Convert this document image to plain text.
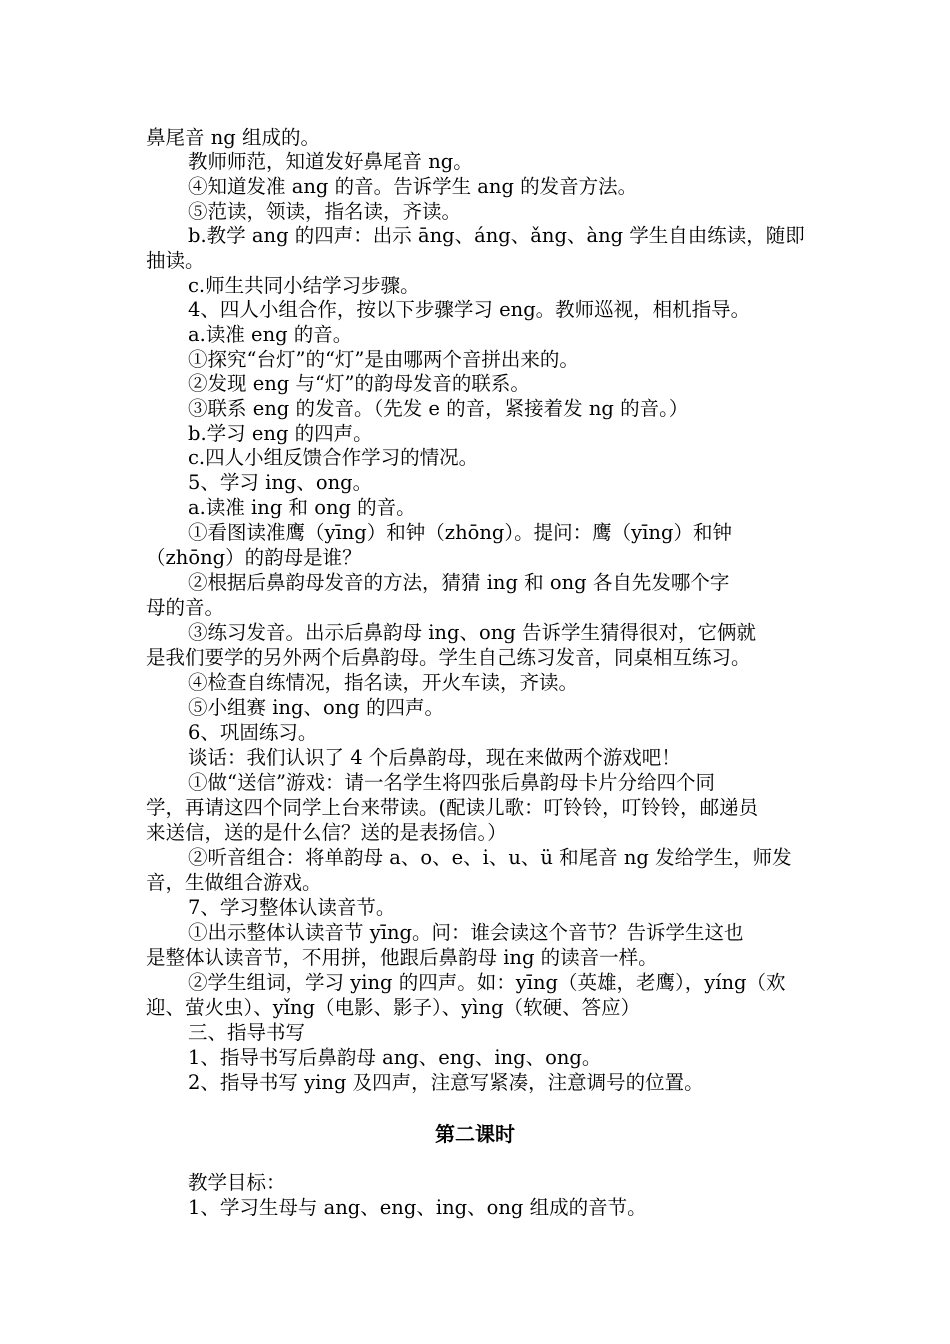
鼻尾音 ng 组成的。
教师师范，知道发好鼻尾音 ng。
④知道发准 ang 的音。告诉学生 ang 的发音方法。
⑤范读，领读，指名读，齐读。
b.教学 ang 的四声：出示 āng、áng、ǎng、àng 学生自由练读，随即
抽读。
c.师生共同小结学习步骤。
4、四人小组合作，按以下步骤学习 eng。教师巡视，相机指导。
a.读准 eng 的音。
①探究“台灯”的“灯”是由哪两个音拼出来的。
②发现 eng 与“灯”的韵母发音的联系。
③联系 eng 的发音。（先发 e 的音，紧接着发 ng 的音。）
b.学习 eng 的四声。
c.四人小组反馈合作学习的情况。
5、学习 ing、ong。
a.读准 ing 和 ong 的音。
①看图读准鹰（yīng）和钟（zhōng）。提问：鹰（yīng）和钟
（zhōng）的韵母是谁？
②根据后鼻韵母发音的方法，猜猜 ing 和 ong 各自先发哪个字
母的音。
③练习发音。出示后鼻韵母 ing、ong 告诉学生猜得很对，它俩就
是我们要学的另外两个后鼻韵母。学生自己练习发音，同桌相互练习。
④检查自练情况，指名读，开火车读，齐读。
⑤小组赛 ing、ong 的四声。
6、巩固练习。
谈话：我们认识了 4 个后鼻韵母，现在来做两个游戏吧！
①做“送信”游戏：请一名学生将四张后鼻韵母卡片分给四个同
学，再请这四个同学上台来带读。(配读儿歌：叮铃铃，叮铃铃，邮递员
来送信，送的是什么信？送的是表扬信。）
②听音组合：将单韵母 a、o、e、i、u、ü 和尾音 ng 发给学生，师发
音，生做组合游戏。
7、学习整体认读音节。
①出示整体认读音节 yīng。问：谁会读这个音节？告诉学生这也
是整体认读音节，不用拼，他跟后鼻韵母 ing 的读音一样。
②学生组词，学习 ying 的四声。如：yīng（英雄，老鹰），yíng（欢
迎、萤火虫）、yǐng（电影、影子）、yìng（软硬、答应）
三、指导书写
1、指导书写后鼻韵母 ang、eng、ing、ong。
2、指导书写 ying 及四声，注意写紧凑，注意调号的位置。
第二课时
教学目标：
1、学习生母与 ang、eng、ing、ong 组成的音节。
